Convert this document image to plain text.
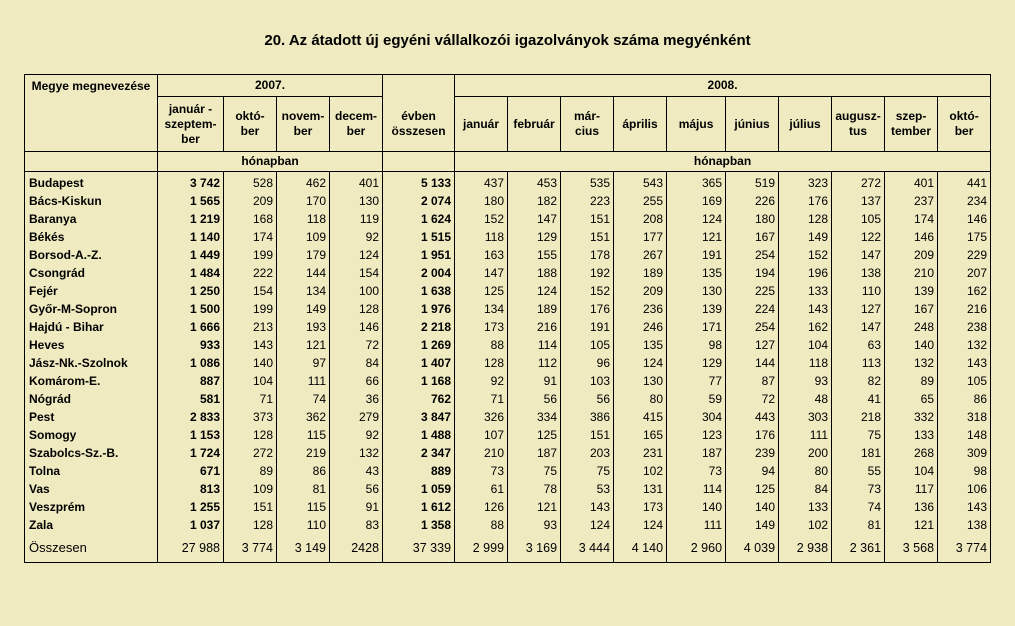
20. Az átadott új egyéni vállalkozói igazolványok száma megyénként
Megye megnevezése	2007.					2008.									
	január - szeptem-ber	októ-ber	novem-ber	decem-ber	évben összesen	január	február	már-cius	április	május	június	július	augusz-tus	szep-tember	októ-ber
	hónapban					hónapban									
Budapest	3 742	528	462	401	5 133	437	453	535	543	365	519	323	272	401	441
Bács-Kiskun	1 565	209	170	130	2 074	180	182	223	255	169	226	176	137	237	234
Baranya	1 219	168	118	119	1 624	152	147	151	208	124	180	128	105	174	146
Békés	1 140	174	109	92	1 515	118	129	151	177	121	167	149	122	146	175
Borsod-A.-Z.	1 449	199	179	124	1 951	163	155	178	267	191	254	152	147	209	229
Csongrád	1 484	222	144	154	2 004	147	188	192	189	135	194	196	138	210	207
Fejér	1 250	154	134	100	1 638	125	124	152	209	130	225	133	110	139	162
Győr-M-Sopron	1 500	199	149	128	1 976	134	189	176	236	139	224	143	127	167	216
Hajdú - Bihar	1 666	213	193	146	2 218	173	216	191	246	171	254	162	147	248	238
Heves	933	143	121	72	1 269	88	114	105	135	98	127	104	63	140	132
Jász-Nk.-Szolnok	1 086	140	97	84	1 407	128	112	96	124	129	144	118	113	132	143
Komárom-E.	887	104	111	66	1 168	92	91	103	130	77	87	93	82	89	105
Nógrád	581	71	74	36	762	71	56	56	80	59	72	48	41	65	86
Pest	2 833	373	362	279	3 847	326	334	386	415	304	443	303	218	332	318
Somogy	1 153	128	115	92	1 488	107	125	151	165	123	176	111	75	133	148
Szabolcs-Sz.-B.	1 724	272	219	132	2 347	210	187	203	231	187	239	200	181	268	309
Tolna	671	89	86	43	889	73	75	75	102	73	94	80	55	104	98
Vas	813	109	81	56	1 059	61	78	53	131	114	125	84	73	117	106
Veszprém	1 255	151	115	91	1 612	126	121	143	173	140	140	133	74	136	143
Zala	1 037	128	110	83	1 358	88	93	124	124	111	149	102	81	121	138
Összesen	27 988	3 774	3 149	2428	37 339	2 999	3 169	3 444	4 140	2 960	4 039	2 938	2 361	3 568	3 774
